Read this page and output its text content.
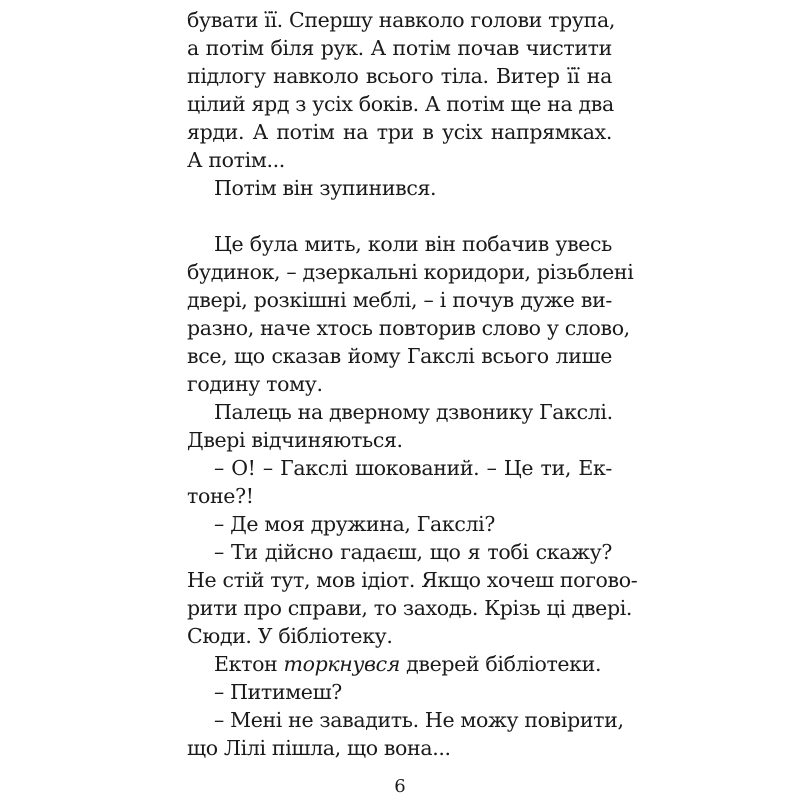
бувати її. Спершу навколо голови трупа,
а потім біля рук. А потім почав чистити
підлогу навколо всього тіла. Витер її на
цілий ярд з усіх боків. А потім ще на два
ярди. А потім на три в усіх напрямках.
А потім...
Потім він зупинився.
Це була мить, коли він побачив увесь
будинок, – дзеркальні коридори, різьблені
двері, розкішні меблі, – і почув дуже ви-
разно, наче хтось повторив слово у слово,
все, що сказав йому Гакслі всього лише
годину тому.
Палець на дверному дзвонику Гакслі.
Двері відчиняються.
– О! – Гакслі шокований. – Це ти, Ек-
тоне?!
– Де моя дружина, Гакслі?
– Ти дійсно гадаєш, що я тобі скажу?
Не стій тут, мов ідіот. Якщо хочеш погово-
рити про справи, то заходь. Крізь ці двері.
Сюди. У бібліотеку.
Ектон торкнувся дверей бібліотеки.
– Питимеш?
– Мені не завадить. Не можу повірити,
що Лілі пішла, що вона...
6
